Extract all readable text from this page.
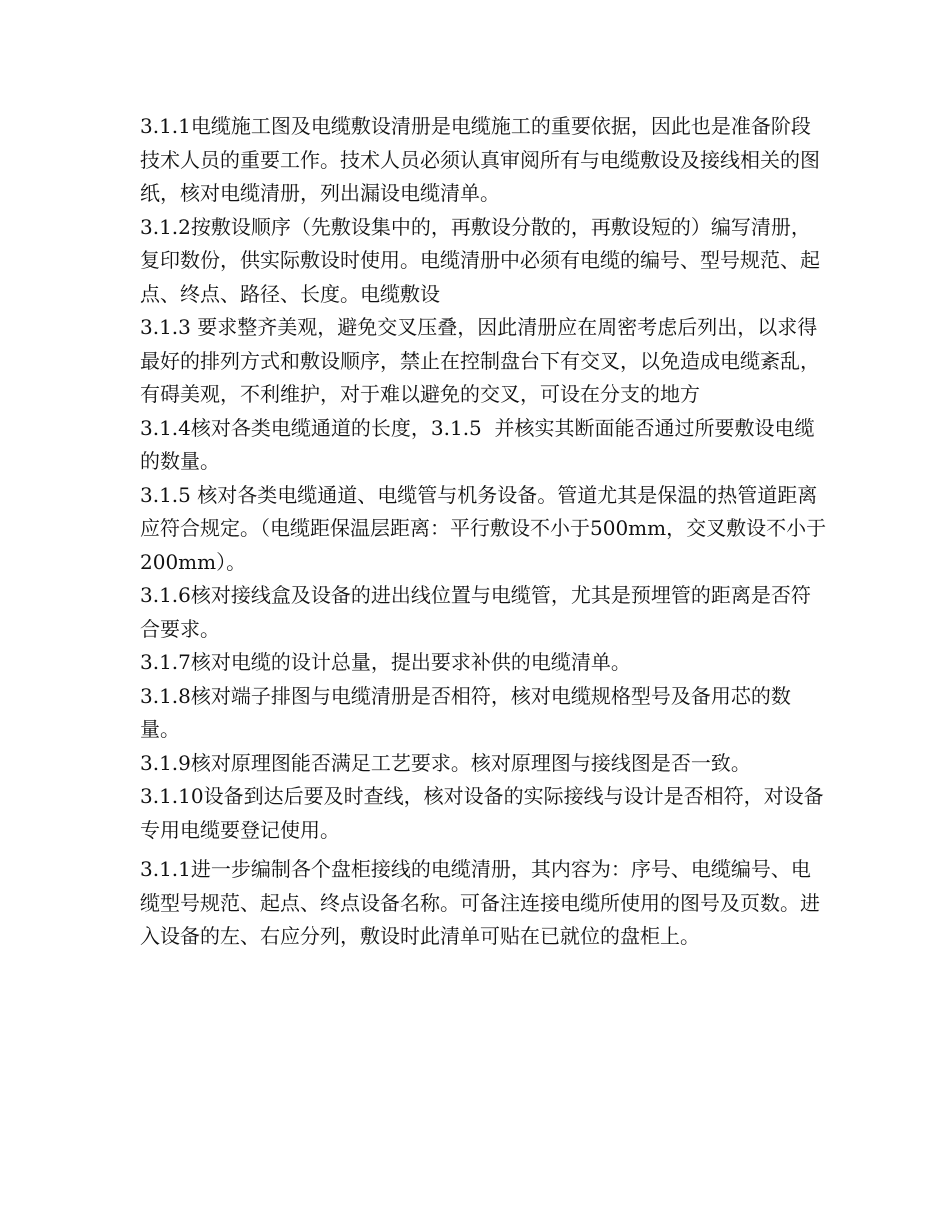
3.1.1电缆施工图及电缆敷设清册是电缆施工的重要依据，因此也是准备阶段技术人员的重要工作。技术人员必须认真审阅所有与电缆敷设及接线相关的图纸，核对电缆清册，列出漏设电缆清单。

3.1.2按敷设顺序（先敷设集中的，再敷设分散的，再敷设短的）编写清册，复印数份，供实际敷设时使用。电缆清册中必须有电缆的编号、型号规范、起点、终点、路径、长度。电缆敷设

3.1.3 要求整齐美观，避免交叉压叠，因此清册应在周密考虑后列出，以求得最好的排列方式和敷设顺序，禁止在控制盘台下有交叉，以免造成电缆紊乱，有碍美观，不利维护，对于难以避免的交叉，可设在分支的地方

3.1.4核对各类电缆通道的长度，3.1.5  并核实其断面能否通过所要敷设电缆的数量。

3.1.5 核对各类电缆通道、电缆管与机务设备。管道尤其是保温的热管道距离应符合规定。（电缆距保温层距离：平行敷设不小于500mm，交叉敷设不小于200mm）。

3.1.6核对接线盒及设备的进出线位置与电缆管，尤其是预埋管的距离是否符合要求。

3.1.7核对电缆的设计总量，提出要求补供的电缆清单。

3.1.8核对端子排图与电缆清册是否相符，核对电缆规格型号及备用芯的数量。

3.1.9核对原理图能否满足工艺要求。核对原理图与接线图是否一致。

3.1.10设备到达后要及时查线，核对设备的实际接线与设计是否相符，对设备专用电缆要登记使用。

3.1.1进一步编制各个盘柜接线的电缆清册，其内容为：序号、电缆编号、电缆型号规范、起点、终点设备名称。可备注连接电缆所使用的图号及页数。进入设备的左、右应分列，敷设时此清单可贴在已就位的盘柜上。
